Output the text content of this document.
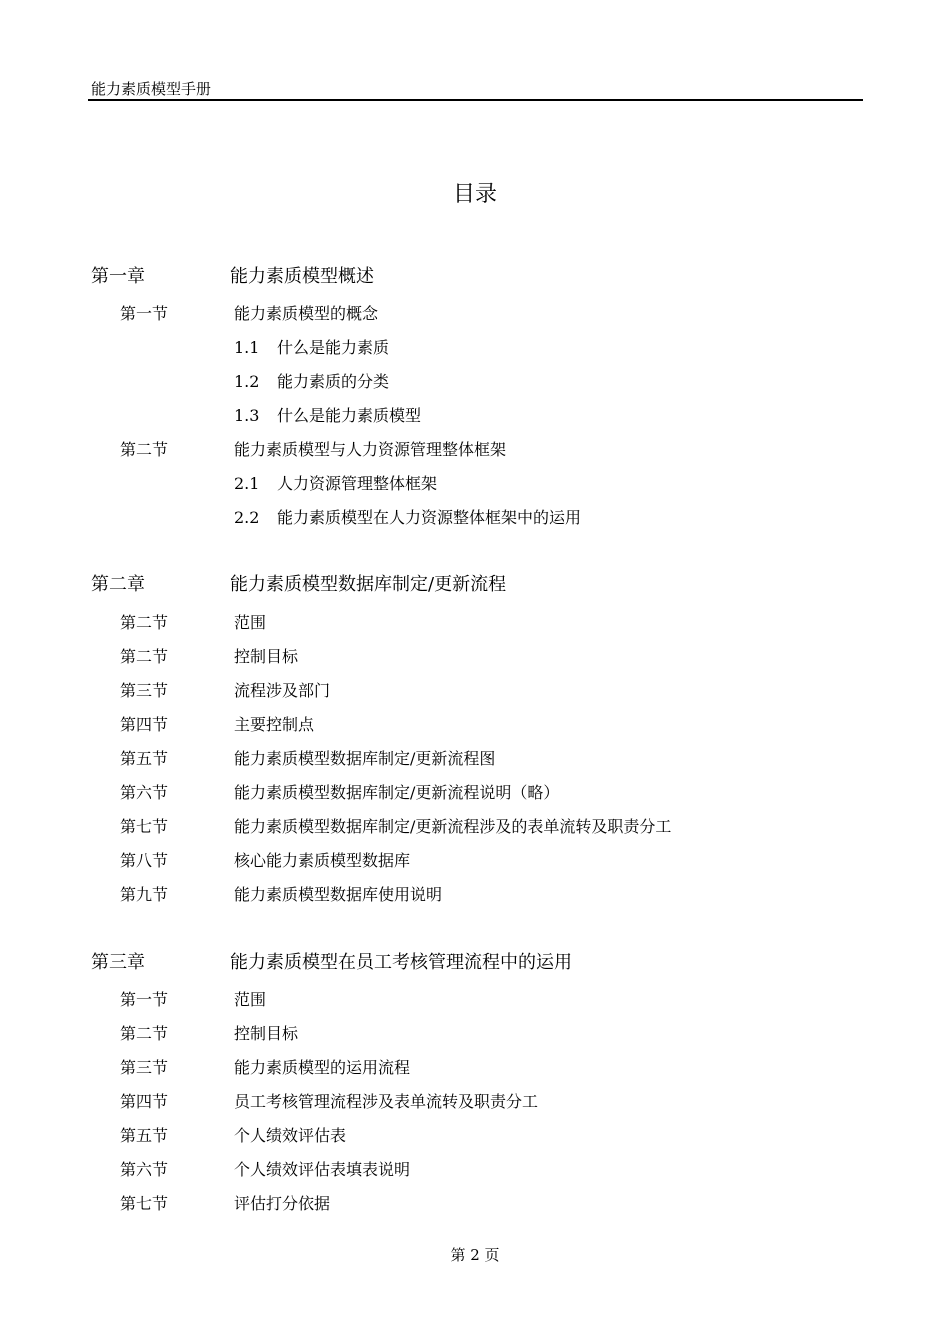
能力素质模型手册
目录
第一章	能力素质模型概述
第一节	能力素质模型的概念
1.1 什么是能力素质
1.2 能力素质的分类
1.3 什么是能力素质模型
第二节	能力素质模型与人力资源管理整体框架
2.1 人力资源管理整体框架
2.2 能力素质模型在人力资源整体框架中的运用
第二章	能力素质模型数据库制定/更新流程
第二节	范围
第二节	控制目标
第三节	流程涉及部门
第四节	主要控制点
第五节	能力素质模型数据库制定/更新流程图
第六节	能力素质模型数据库制定/更新流程说明（略）
第七节	能力素质模型数据库制定/更新流程涉及的表单流转及职责分工
第八节	核心能力素质模型数据库
第九节	能力素质模型数据库使用说明
第三章	能力素质模型在员工考核管理流程中的运用
第一节	范围
第二节	控制目标
第三节	能力素质模型的运用流程
第四节	员工考核管理流程涉及表单流转及职责分工
第五节	个人绩效评估表
第六节	个人绩效评估表填表说明
第七节	评估打分依据
第 2 页
